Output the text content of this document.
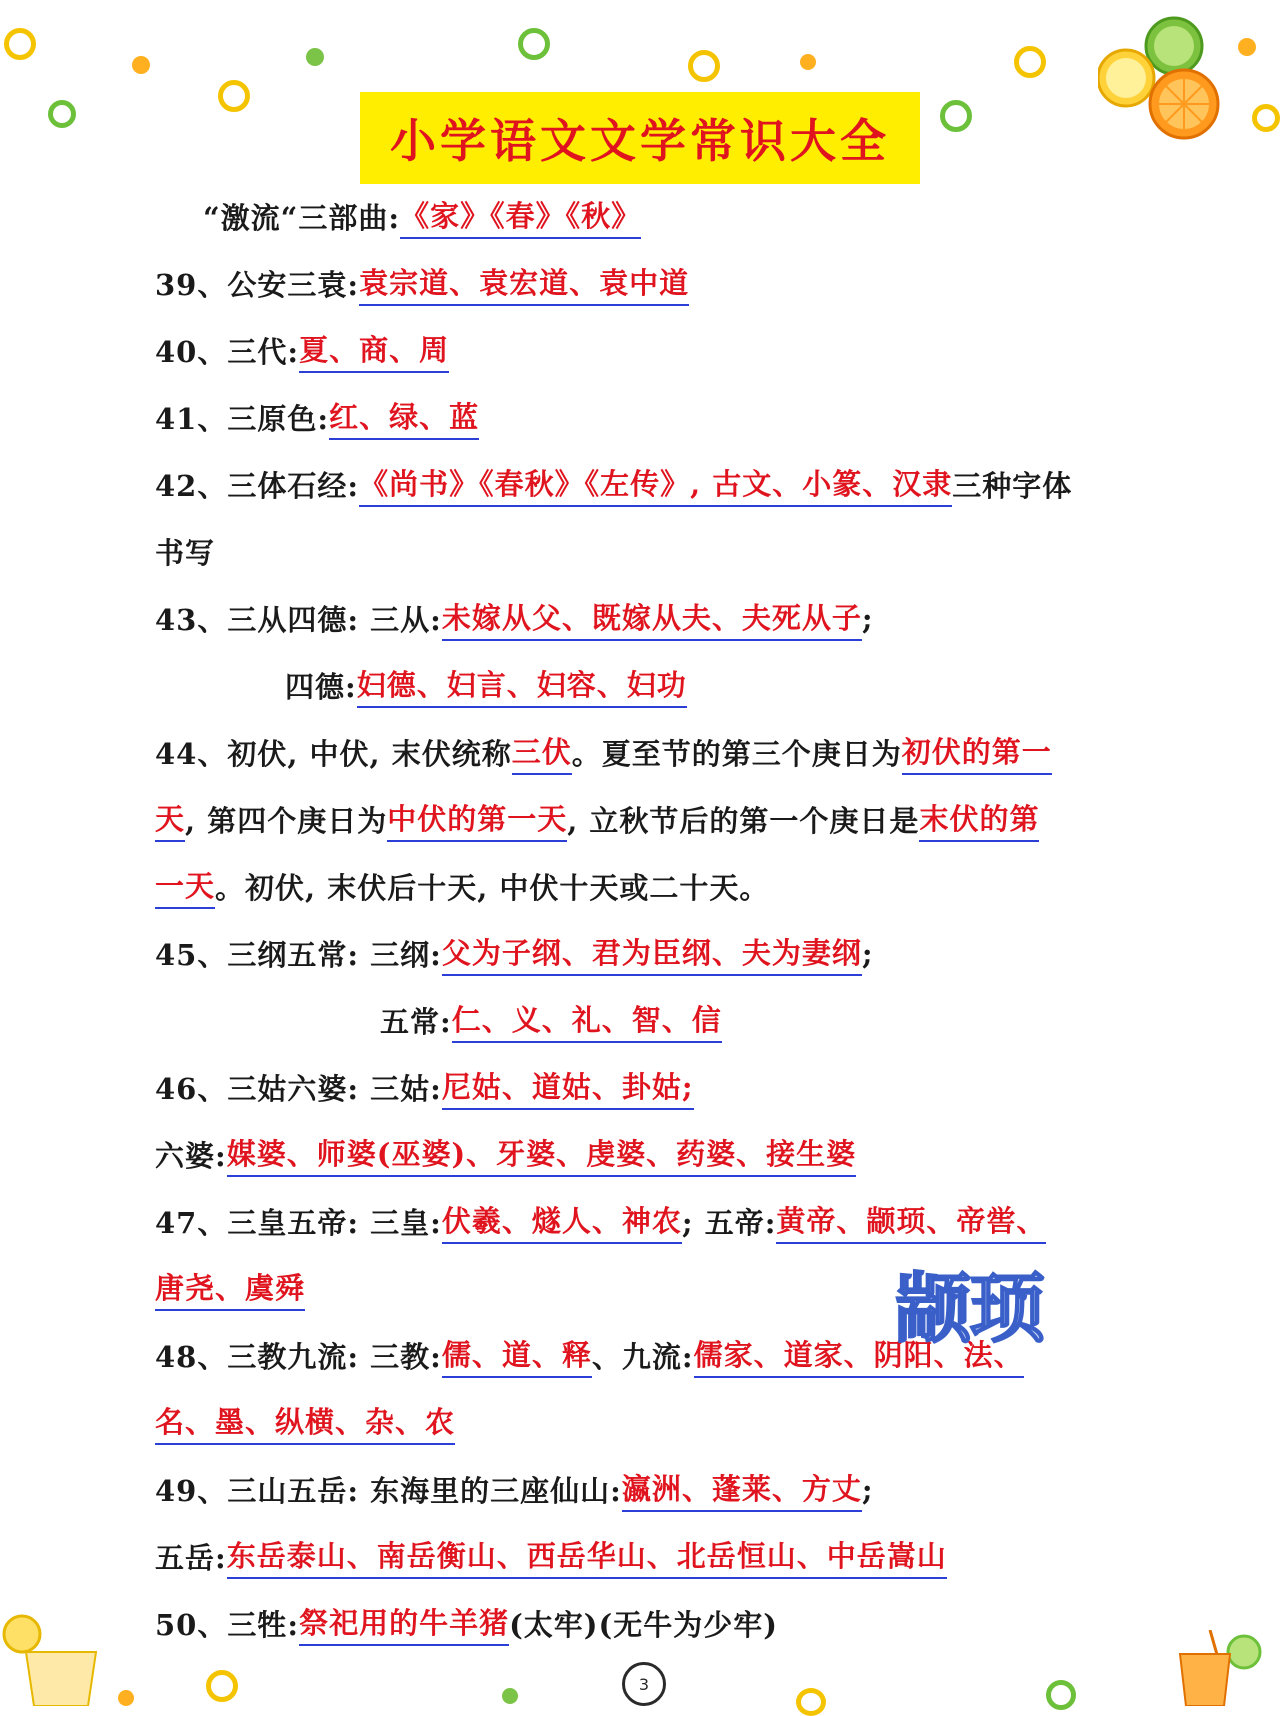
小学语文文学常识大全
“激流“三部曲: 《家》《春》《秋》
39、公安三袁: 袁宗道、袁宏道、袁中道
40、三代: 夏、商、周
41、三原色: 红、绿、蓝
42、三体石经: 《尚书》《春秋》《左传》, 古文、小篆、汉隶 三种字体
书写
43、三从四德: 三从: 未嫁从父、既嫁从夫、夫死从子 ;
四德: 妇德、妇言、妇容、妇功
44、初伏, 中伏, 末伏统称 三伏 。夏至节的第三个庚日为 初伏的第一
天 , 第四个庚日为 中伏的第一天 , 立秋节后的第一个庚日是 末伏的第
一天 。初伏, 末伏后十天, 中伏十天或二十天。
45、三纲五常: 三纲: 父为子纲、君为臣纲、夫为妻纲 ;
五常: 仁、义、礼、智、信
46、三姑六婆: 三姑: 尼姑、道姑、卦姑;
六婆: 媒婆、师婆(巫婆)、牙婆、虔婆、药婆、接生婆
47、三皇五帝: 三皇: 伏羲、燧人、神农 ; 五帝: 黄帝、颛顼、帝喾、
唐尧、虞舜
48、三教九流: 三教: 儒、道、释 、九流: 儒家、道家、阴阳、法、
名、墨、纵横、杂、农
49、三山五岳: 东海里的三座仙山: 瀛洲、蓬莱、方丈 ;
五岳: 东岳泰山、南岳衡山、西岳华山、北岳恒山、中岳嵩山
50、三牲: 祭祀用的牛羊猪 (太牢)(无牛为少牢)
颛顼
3
